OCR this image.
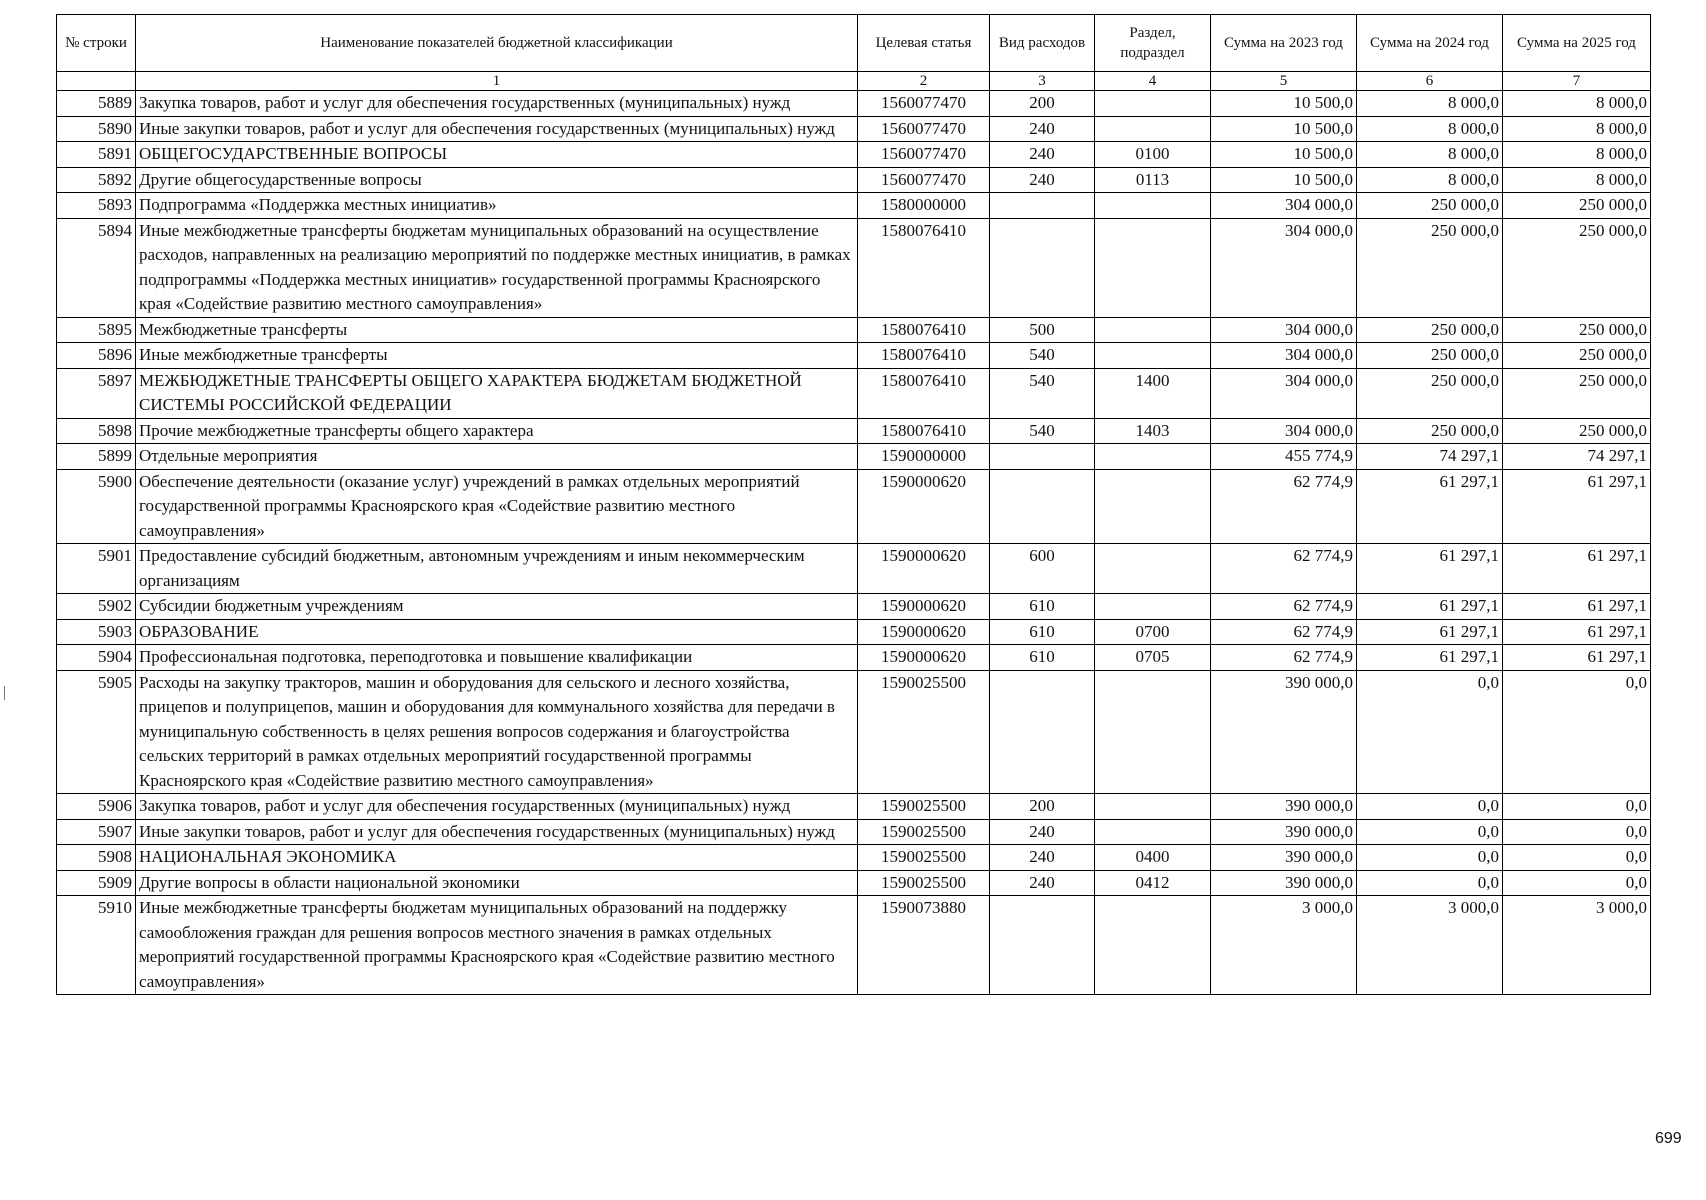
№ строки	Наименование показателей бюджетной классификации	Целевая статья	Вид расходов	Раздел, подраздел	Сумма на 2023 год	Сумма на 2024 год	Сумма на 2025 год
	1	2	3	4	5	6	7
5889	Закупка товаров, работ и услуг для обеспечения государственных (муниципальных) нужд	1560077470	200		10 500,0	8 000,0	8 000,0
5890	Иные закупки товаров, работ и услуг для обеспечения государственных (муниципальных) нужд	1560077470	240		10 500,0	8 000,0	8 000,0
5891	ОБЩЕГОСУДАРСТВЕННЫЕ ВОПРОСЫ	1560077470	240	0100	10 500,0	8 000,0	8 000,0
5892	Другие общегосударственные вопросы	1560077470	240	0113	10 500,0	8 000,0	8 000,0
5893	Подпрограмма «Поддержка местных инициатив»	1580000000			304 000,0	250 000,0	250 000,0
5894	Иные межбюджетные трансферты бюджетам муниципальных образований на осуществление расходов, направленных на реализацию мероприятий по поддержке местных инициатив, в рамках подпрограммы «Поддержка местных инициатив» государственной программы Красноярского края «Содействие развитию местного самоуправления»	1580076410			304 000,0	250 000,0	250 000,0
5895	Межбюджетные трансферты	1580076410	500		304 000,0	250 000,0	250 000,0
5896	Иные межбюджетные трансферты	1580076410	540		304 000,0	250 000,0	250 000,0
5897	МЕЖБЮДЖЕТНЫЕ ТРАНСФЕРТЫ ОБЩЕГО ХАРАКТЕРА БЮДЖЕТАМ БЮДЖЕТНОЙ СИСТЕМЫ РОССИЙСКОЙ ФЕДЕРАЦИИ	1580076410	540	1400	304 000,0	250 000,0	250 000,0
5898	Прочие межбюджетные трансферты общего характера	1580076410	540	1403	304 000,0	250 000,0	250 000,0
5899	Отдельные мероприятия	1590000000			455 774,9	74 297,1	74 297,1
5900	Обеспечение деятельности (оказание услуг) учреждений в рамках отдельных мероприятий государственной программы Красноярского края «Содействие развитию местного самоуправления»	1590000620			62 774,9	61 297,1	61 297,1
5901	Предоставление субсидий бюджетным, автономным учреждениям и иным некоммерческим организациям	1590000620	600		62 774,9	61 297,1	61 297,1
5902	Субсидии бюджетным учреждениям	1590000620	610		62 774,9	61 297,1	61 297,1
5903	ОБРАЗОВАНИЕ	1590000620	610	0700	62 774,9	61 297,1	61 297,1
5904	Профессиональная подготовка, переподготовка и повышение квалификации	1590000620	610	0705	62 774,9	61 297,1	61 297,1
5905	Расходы на закупку тракторов, машин и оборудования для сельского и лесного хозяйства, прицепов и полуприцепов, машин и оборудования для коммунального хозяйства для передачи в муниципальную собственность в целях решения вопросов содержания и благоустройства сельских территорий в рамках отдельных мероприятий государственной программы Красноярского края «Содействие развитию местного самоуправления»	1590025500			390 000,0	0,0	0,0
5906	Закупка товаров, работ и услуг для обеспечения государственных (муниципальных) нужд	1590025500	200		390 000,0	0,0	0,0
5907	Иные закупки товаров, работ и услуг для обеспечения государственных (муниципальных) нужд	1590025500	240		390 000,0	0,0	0,0
5908	НАЦИОНАЛЬНАЯ ЭКОНОМИКА	1590025500	240	0400	390 000,0	0,0	0,0
5909	Другие вопросы в области национальной экономики	1590025500	240	0412	390 000,0	0,0	0,0
5910	Иные межбюджетные трансферты бюджетам муниципальных образований на поддержку самообложения граждан для решения вопросов местного значения в рамках отдельных мероприятий государственной программы Красноярского края «Содействие развитию местного самоуправления»	1590073880			3 000,0	3 000,0	3 000,0
699
